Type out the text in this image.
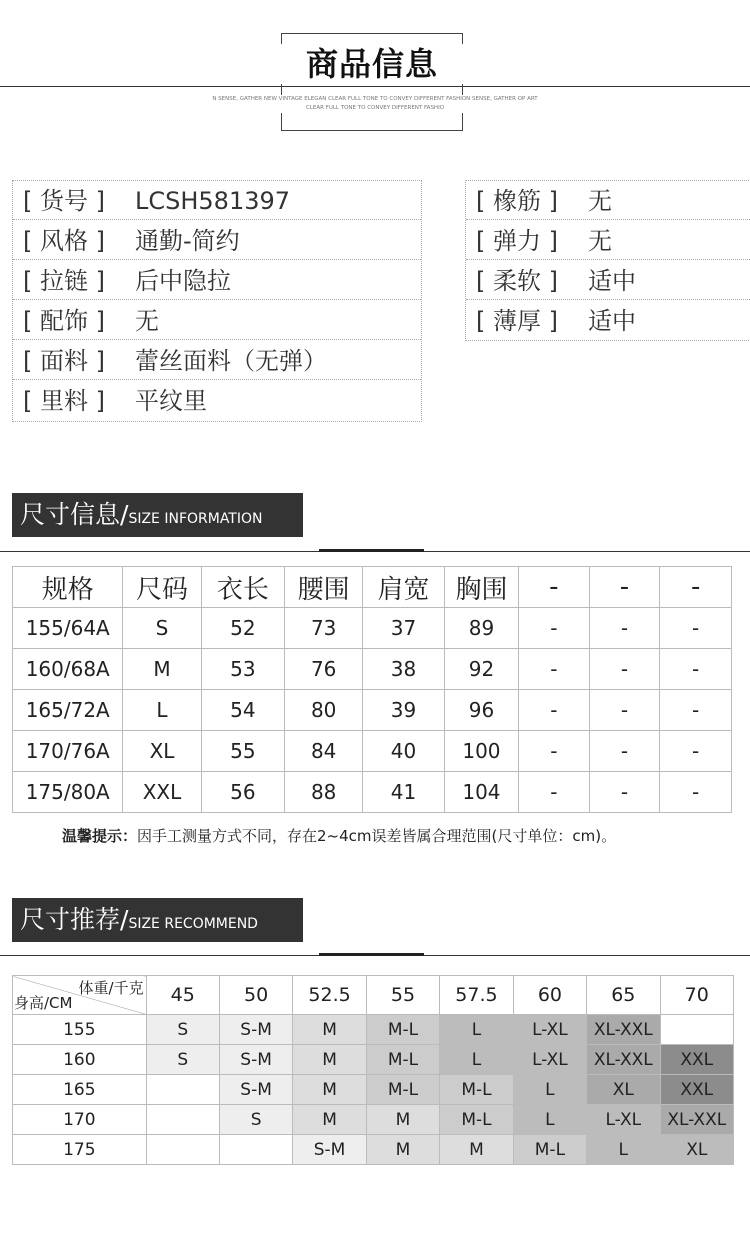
商品信息
N SENSE, GATHER NEW VINTAGE ELEGAN CLEAR FULL TONE TO CONVEY DIFFERENT FASHION SENSE, GATHER OP ART CLEAR FULL TONE TO CONVEY DIFFERENT FASHIO
[ 货号 ] LCSH581397
[ 风格 ] 通勤-简约
[ 拉链 ] 后中隐拉
[ 配饰 ] 无
[ 面料 ] 蕾丝面料（无弹）
[ 里料 ] 平纹里
[ 橡筋 ] 无
[ 弹力 ] 无
[ 柔软 ] 适中
[ 薄厚 ] 适中
尺寸信息/SIZE INFORMATION
规格	尺码	衣长	腰围	肩宽	胸围	-	-	-
155/64A	S	52	73	37	89	-	-	-
160/68A	M	53	76	38	92	-	-	-
165/72A	L	54	80	39	96	-	-	-
170/76A	XL	55	84	40	100	-	-	-
175/80A	XXL	56	88	41	104	-	-	-
温馨提示：因手工测量方式不同，存在2~4cm误差皆属合理范围(尺寸单位：cm)。
尺寸推荐/SIZE RECOMMEND
体重/千克
身高/CM	45	50	52.5	55	57.5	60	65	70
155	S	S-M	M	M-L	L	L-XL	XL-XXL	
160	S	S-M	M	M-L	L	L-XL	XL-XXL	XXL
165		S-M	M	M-L	M-L	L	XL	XXL
170		S	M	M	M-L	L	L-XL	XL-XXL
175			S-M	M	M	M-L	L	XL
